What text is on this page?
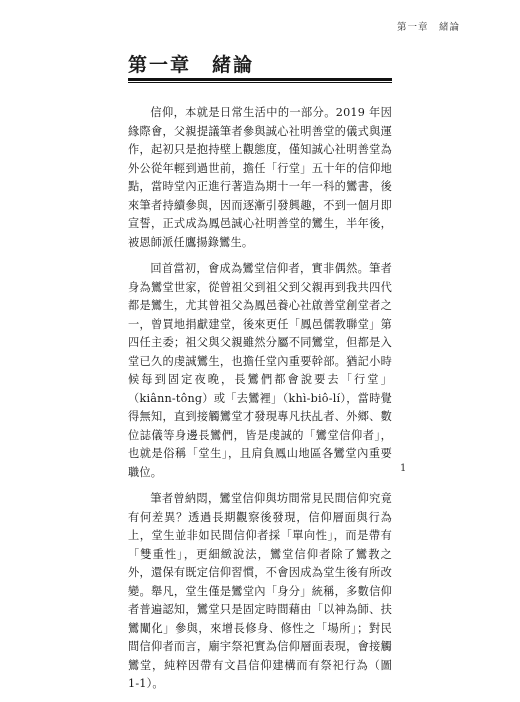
第一章　緒論
第一章　緒論

信仰，本就是日常生活中的一部分。2019 年因緣際會，父親提議筆者參與誠心社明善堂的儀式與運作，起初只是抱持壁上觀態度，僅知誠心社明善堂為外公從年輕到過世前，擔任「行堂」五十年的信仰地點，當時堂內正進行著造為期十一年一科的鸞書，後來筆者持續參與，因而逐漸引發興趣，不到一個月即宣誓，正式成為鳳邑誠心社明善堂的鸞生，半年後，被恩師派任鷹揚錄鸞生。

回首當初，會成為鸞堂信仰者，實非偶然。筆者身為鸞堂世家，從曾祖父到祖父到父親再到我共四代都是鸞生，尤其曾祖父為鳳邑養心社啟善堂創堂者之一，曾買地捐獻建堂，後來更任「鳳邑儒教聯堂」第四任主委；祖父與父親雖然分屬不同鸞堂，但都是入堂已久的虔誠鸞生，也擔任堂內重要幹部。猶記小時候每到固定夜晚，長鸞們都會說要去「行堂」（kiânn-tông）或「去鸞裡」（khì-biô-lí），當時覺得無知，直到接觸鸞堂才發現專凡扶乩者、外鄉、數位誌儀等身邊長鸞們，皆是虔誠的「鸞堂信仰者」，也就是俗稱「堂生」，且肩負鳳山地區各鸞堂內重要職位。

筆者曾納悶，鸞堂信仰與坊間常見民間信仰究竟有何差異？透過長期觀察後發現，信仰層面與行為上，堂生並非如民間信仰者採「單向性」，而是帶有「雙重性」，更細緻說法，鸞堂信仰者除了鸞教之外，還保有既定信仰習慣，不會因成為堂生後有所改變。舉凡，堂生僅是鸞堂內「身分」統稱，多數信仰者普遍認知，鸞堂只是固定時間藉由「以神為師、扶鸞闡化」參與，來增長修身、修性之「場所」；對民間信仰者而言，廟宇祭祀實為信仰層面表現，會接觸鸞堂，純粹因帶有文昌信仰建構而有祭祀行為（圖 1-1）。

1
